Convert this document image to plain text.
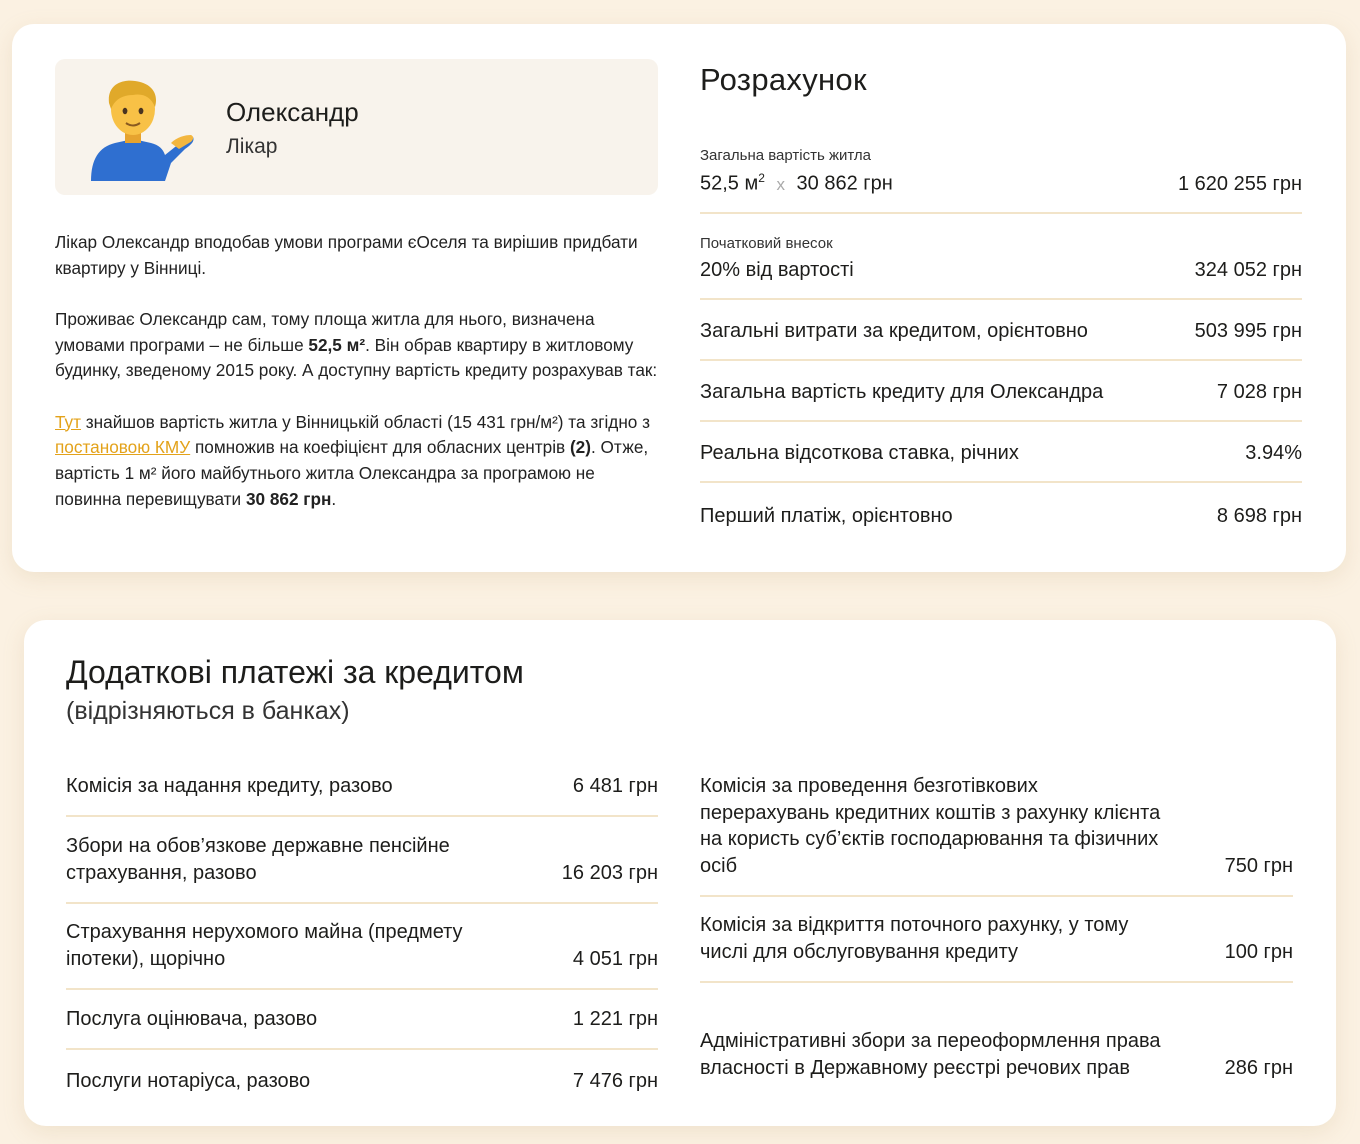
Олександр
Лікар

Лікар Олександр вподобав умови програми єОселя та вирішив придбати квартиру у Вінниці.

Проживає Олександр сам, тому площа житла для нього, визначена умовами програми – не більше 52,5 м². Він обрав квартиру в житловому будинку, зведеному 2015 року. А доступну вартість кредиту розрахував так:

Тут знайшов вартість житла у Вінницькій області (15 431 грн/м²) та згідно з постановою КМУ помножив на коефіцієнт для обласних центрів (2). Отже, вартість 1 м² його майбутнього житла Олександра за програмою не повинна перевищувати 30 862 грн.

Розрахунок
Загальна вартість житла
52,5 $м^2$ x 30 862 грн	1 620 255 грн
Початковий внесок
20% від вартості	324 052 грн
Загальні витрати за кредитом, орієнтовно	503 995 грн
Загальна вартість кредиту для Олександра	7 028 грн
Реальна відсоткова ставка, річних	3.94%
Перший платіж, орієнтовно	8 698 грн
Додаткові платежі за кредитом
(відрізняються в банках)
Комісія за надання кредиту, разово	6 481 грн
Збори на обов’язкове державне пенсійне страхування, разово	16 203 грн
Страхування нерухомого майна (предмету іпотеки), щорічно	4 051 грн
Послуга оцінювача, разово	1 221 грн
Послуги нотаріуса, разово	7 476 грн
Комісія за проведення безготівкових перерахувань кредитних коштів з рахунку клієнта на користь суб’єктів господарювання та фізичних осіб	750 грн
Комісія за відкриття поточного рахунку, у тому числі для обслуговування кредиту	100 грн
Адміністративні збори за переоформлення права власності в Державному реєстрі речових прав	286 грн
